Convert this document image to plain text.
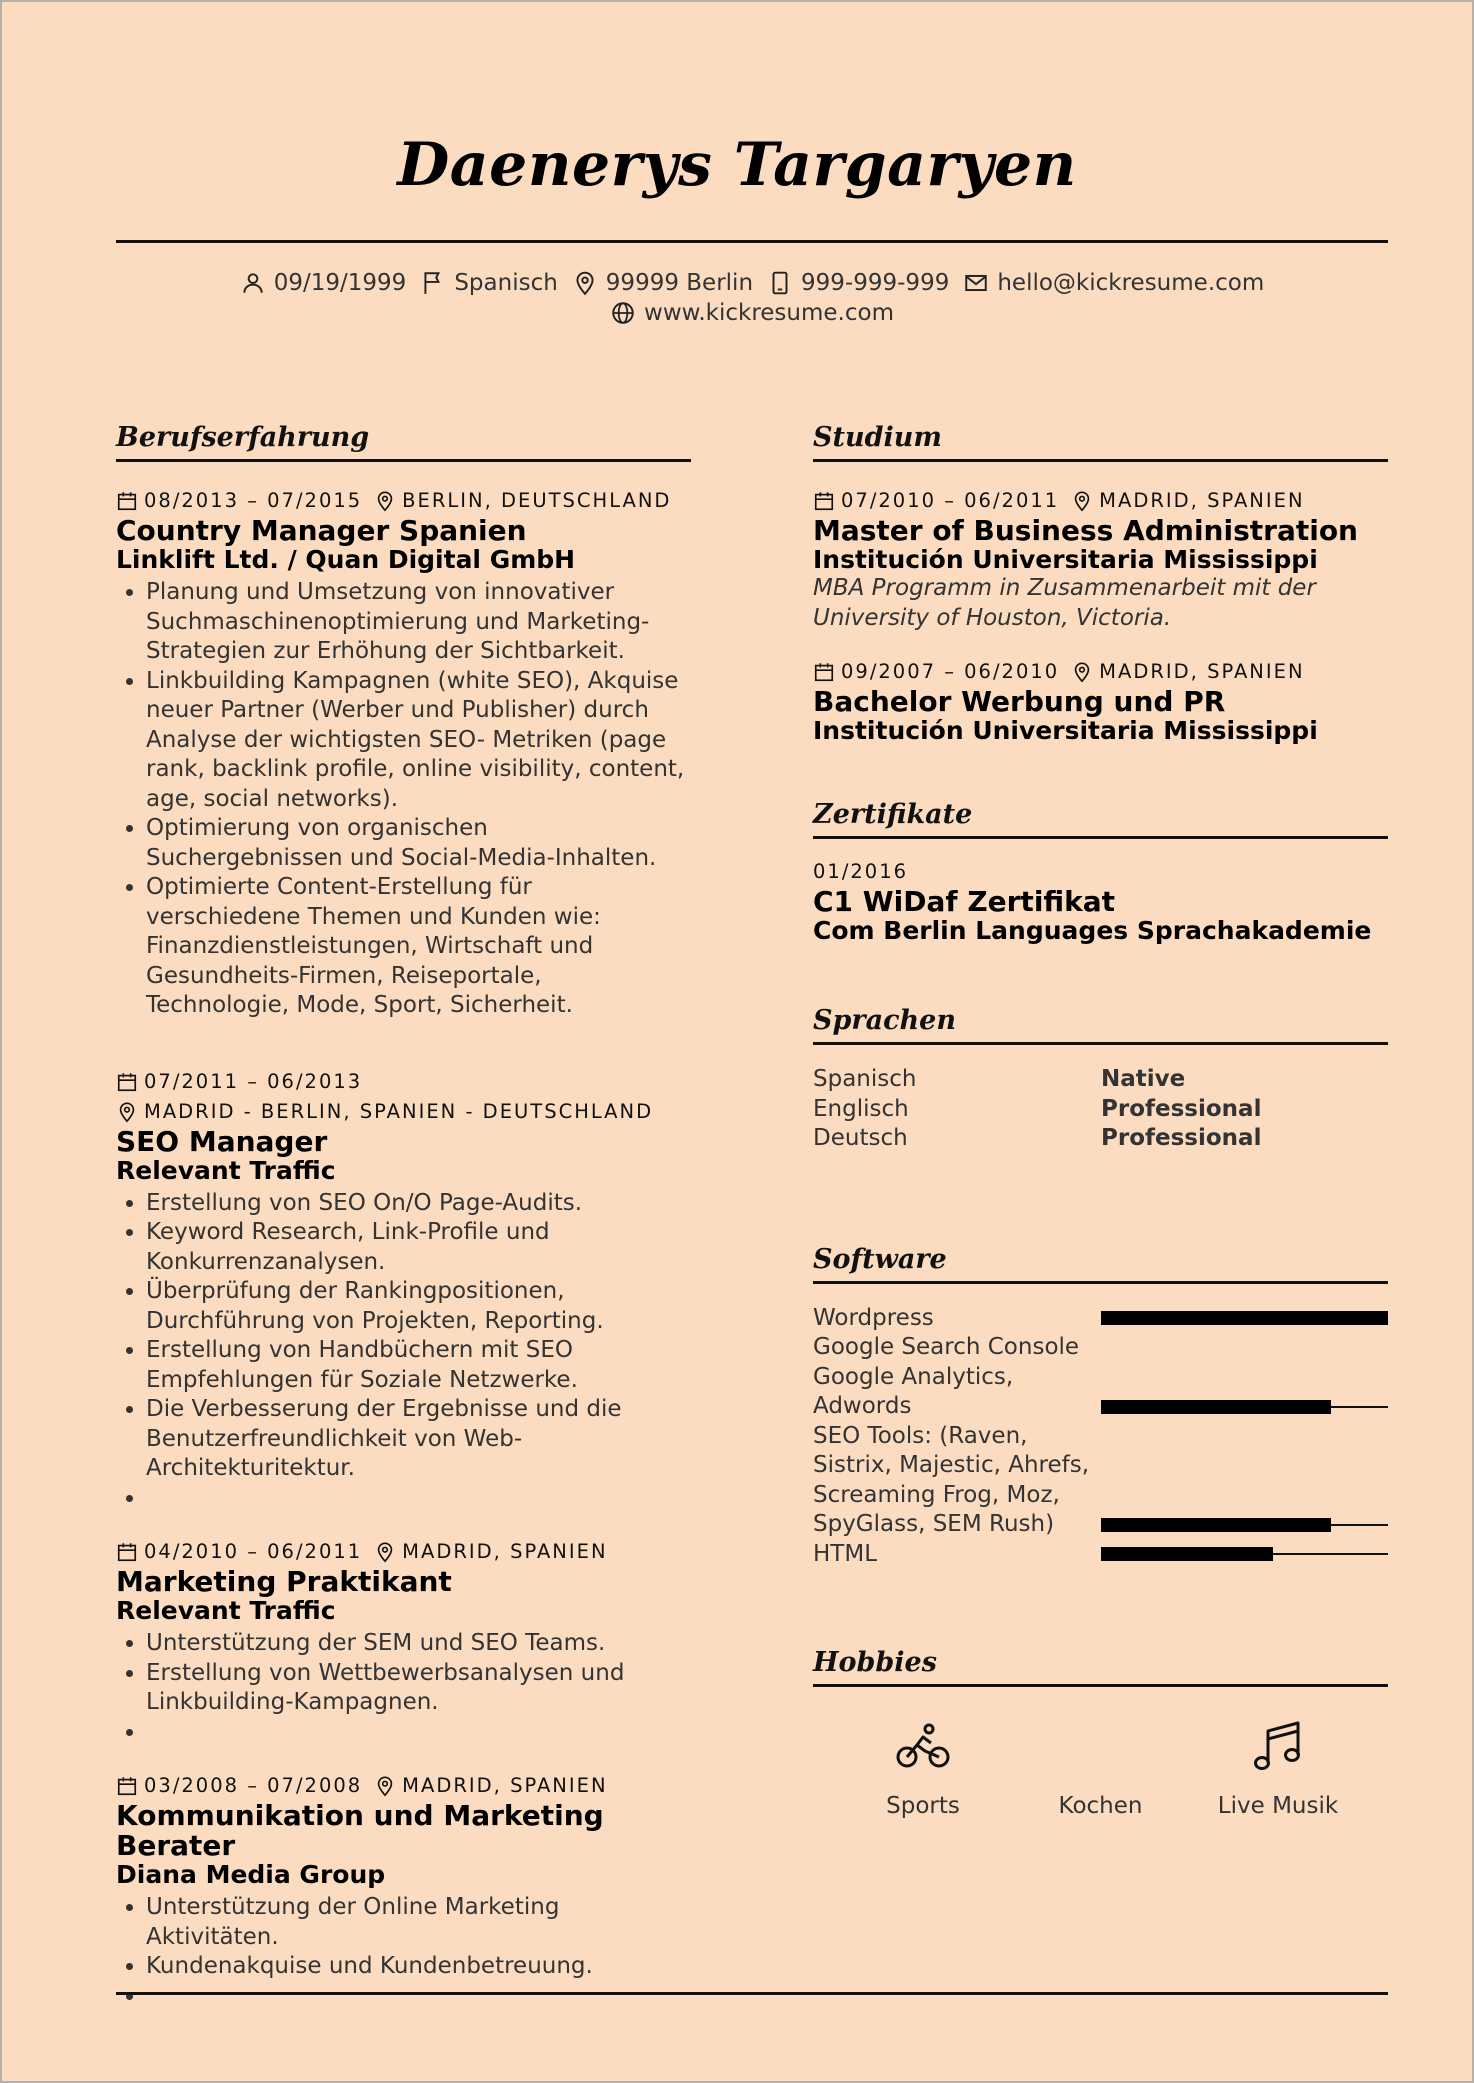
Daenerys Targaryen
09/19/1999 Spanisch 99999 Berlin 999-999-999 hello@kickresume.com
www.kickresume.com
Berufserfahrung
08/2013 – 07/2015 BERLIN, DEUTSCHLAND
Country Manager Spanien
Linklift Ltd. / Quan Digital GmbH
• Planung und Umsetzung von innovativer Suchmaschinenoptimierung und Marketing-Strategien zur Erhöhung der Sichtbarkeit.
• Linkbuilding Kampagnen (white SEO), Akquise neuer Partner (Werber und Publisher) durch Analyse der wichtigsten SEO- Metriken (page rank, backlink profile, online visibility, content, age, social networks).
• Optimierung von organischen Suchergebnissen und Social-Media-Inhalten.
• Optimierte Content-Erstellung für verschiedene Themen und Kunden wie: Finanzdienstleistungen, Wirtschaft und Gesundheits-Firmen, Reiseportale, Technologie, Mode, Sport, Sicherheit.
07/2011 – 06/2013
MADRID - BERLIN, SPANIEN - DEUTSCHLAND
SEO Manager
Relevant Traffic
• Erstellung von SEO On/O Page-Audits.
• Keyword Research, Link-Profile und Konkurrenzanalysen.
• Überprüfung der Rankingpositionen, Durchführung von Projekten, Reporting.
• Erstellung von Handbüchern mit SEO Empfehlungen für Soziale Netzwerke.
• Die Verbesserung der Ergebnisse und die Benutzerfreundlichkeit von Web-Architekturitektur.
•
04/2010 – 06/2011 MADRID, SPANIEN
Marketing Praktikant
Relevant Traffic
• Unterstützung der SEM und SEO Teams.
• Erstellung von Wettbewerbsanalysen und Linkbuilding-Kampagnen.
•
03/2008 – 07/2008 MADRID, SPANIEN
Kommunikation und Marketing Berater
Diana Media Group
• Unterstützung der Online Marketing Aktivitäten.
• Kundenakquise und Kundenbetreuung.
•
Studium
07/2010 – 06/2011 MADRID, SPANIEN
Master of Business Administration
Institución Universitaria Mississippi
MBA Programm in Zusammenarbeit mit der University of Houston, Victoria.
09/2007 – 06/2010 MADRID, SPANIEN
Bachelor Werbung und PR
Institución Universitaria Mississippi
Zertifikate
01/2016
C1 WiDaf Zertifikat
Com Berlin Languages Sprachakademie
Sprachen
Spanisch	Native
Englisch	Professional
Deutsch	Professional
Software
Wordpress
Google Search Console Google Analytics, Adwords
SEO Tools: (Raven, Sistrix, Majestic, Ahrefs, Screaming Frog, Moz, SpyGlass, SEM Rush)
HTML
Hobbies
Sports	Kochen	Live Musik
